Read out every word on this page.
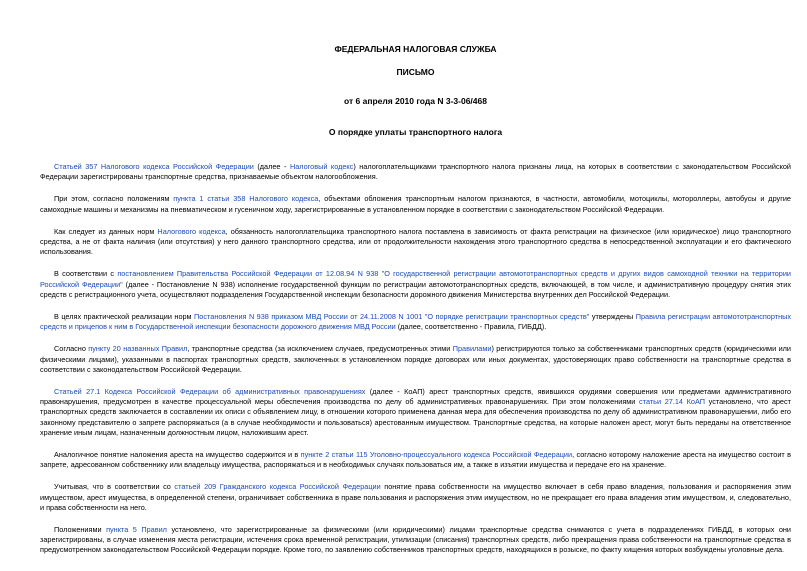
ФЕДЕРАЛЬНАЯ НАЛОГОВАЯ СЛУЖБА
ПИСЬМО
от 6 апреля 2010 года N 3-3-06/468
О порядке уплаты транспортного налога

Статьей 357 Налогового кодекса Российской Федерации (далее - Налоговый кодекс) налогоплательщиками транспортного налога признаны лица, на которых в соответствии с законодательством Российской Федерации зарегистрированы транспортные средства, признаваемые объектом налогообложения.

При этом, согласно положениям пункта 1 статьи 358 Налогового кодекса, объектами обложения транспортным налогом признаются, в частности, автомобили, мотоциклы, мотороллеры, автобусы и другие самоходные машины и механизмы на пневматическом и гусеничном ходу, зарегистрированные в установленном порядке в соответствии с законодательством Российской Федерации.

Как следует из данных норм Налогового кодекса, обязанность налогоплательщика транспортного налога поставлена в зависимость от факта регистрации на физическое (или юридическое) лицо транспортного средства, а не от факта наличия (или отсутствия) у него данного транспортного средства, или от продолжительности нахождения этого транспортного средства в непосредственной эксплуатации и его фактического использования.

В соответствии с постановлением Правительства Российской Федерации от 12.08.94 N 938 "О государственной регистрации автомототранспортных средств и других видов самоходной техники на территории Российской Федерации" (далее - Постановление N 938) исполнение государственной функции по регистрации автомототранспортных средств, включающей, в том числе, и административную процедуру снятия этих средств с регистрационного учета, осуществляют подразделения Государственной инспекции безопасности дорожного движения Министерства внутренних дел Российской Федерации.

В целях практической реализации норм Постановления N 938 приказом МВД России от 24.11.2008 N 1001 "О порядке регистрации транспортных средств" утверждены Правила регистрации автомототранспортных средств и прицепов к ним в Государственной инспекции безопасности дорожного движения МВД России (далее, соответственно - Правила, ГИБДД).

Согласно пункту 20 названных Правил, транспортные средства (за исключением случаев, предусмотренных этими Правилами) регистрируются только за собственниками транспортных средств (юридическими или физическими лицами), указанными в паспортах транспортных средств, заключенных в установленном порядке договорах или иных документах, удостоверяющих право собственности на транспортные средства в соответствии с законодательством Российской Федерации.

Статьей 27.1 Кодекса Российской Федерации об административных правонарушениях (далее - КоАП) арест транспортных средств, явившихся орудиями совершения или предметами административного правонарушения, предусмотрен в качестве процессуальной меры обеспечения производства по делу об административных правонарушениях. При этом положениями статьи 27.14 КоАП установлено, что арест транспортных средств заключается в составлении их описи с объявлением лицу, в отношении которого применена данная мера для обеспечения производства по делу об административном правонарушении, либо его законному представителю о запрете распоряжаться (а в случае необходимости и пользоваться) арестованным имуществом. Транспортные средства, на которые наложен арест, могут быть переданы на ответственное хранение иным лицам, назначенным должностным лицом, наложившим арест.

Аналогичное понятие наложения ареста на имущество содержится и в пункте 2 статьи 115 Уголовно-процессуального кодекса Российской Федерации, согласно которому наложение ареста на имущество состоит в запрете, адресованном собственнику или владельцу имущества, распоряжаться и в необходимых случаях пользоваться им, а также в изъятии имущества и передаче его на хранение.

Учитывая, что в соответствии со статьей 209 Гражданского кодекса Российской Федерации понятие права собственности на имущество включает в себя право владения, пользования и распоряжения этим имуществом, арест имущества, в определенной степени, ограничивает собственника в праве пользования и распоряжения этим имуществом, но не прекращает его права владения этим имуществом, и, следовательно, и права собственности на него.

Положениями пункта 5 Правил установлено, что зарегистрированные за физическими (или юридическими) лицами транспортные средства снимаются с учета в подразделениях ГИБДД, в которых они зарегистрированы, в случае изменения места регистрации, истечения срока временной регистрации, утилизации (списания) транспортных средств, либо прекращения права собственности на транспортные средства в предусмотренном законодательством Российской Федерации порядке. Кроме того, по заявлению собственников транспортных средств, находящихся в розыске, по факту хищения которых возбуждены уголовные дела.
